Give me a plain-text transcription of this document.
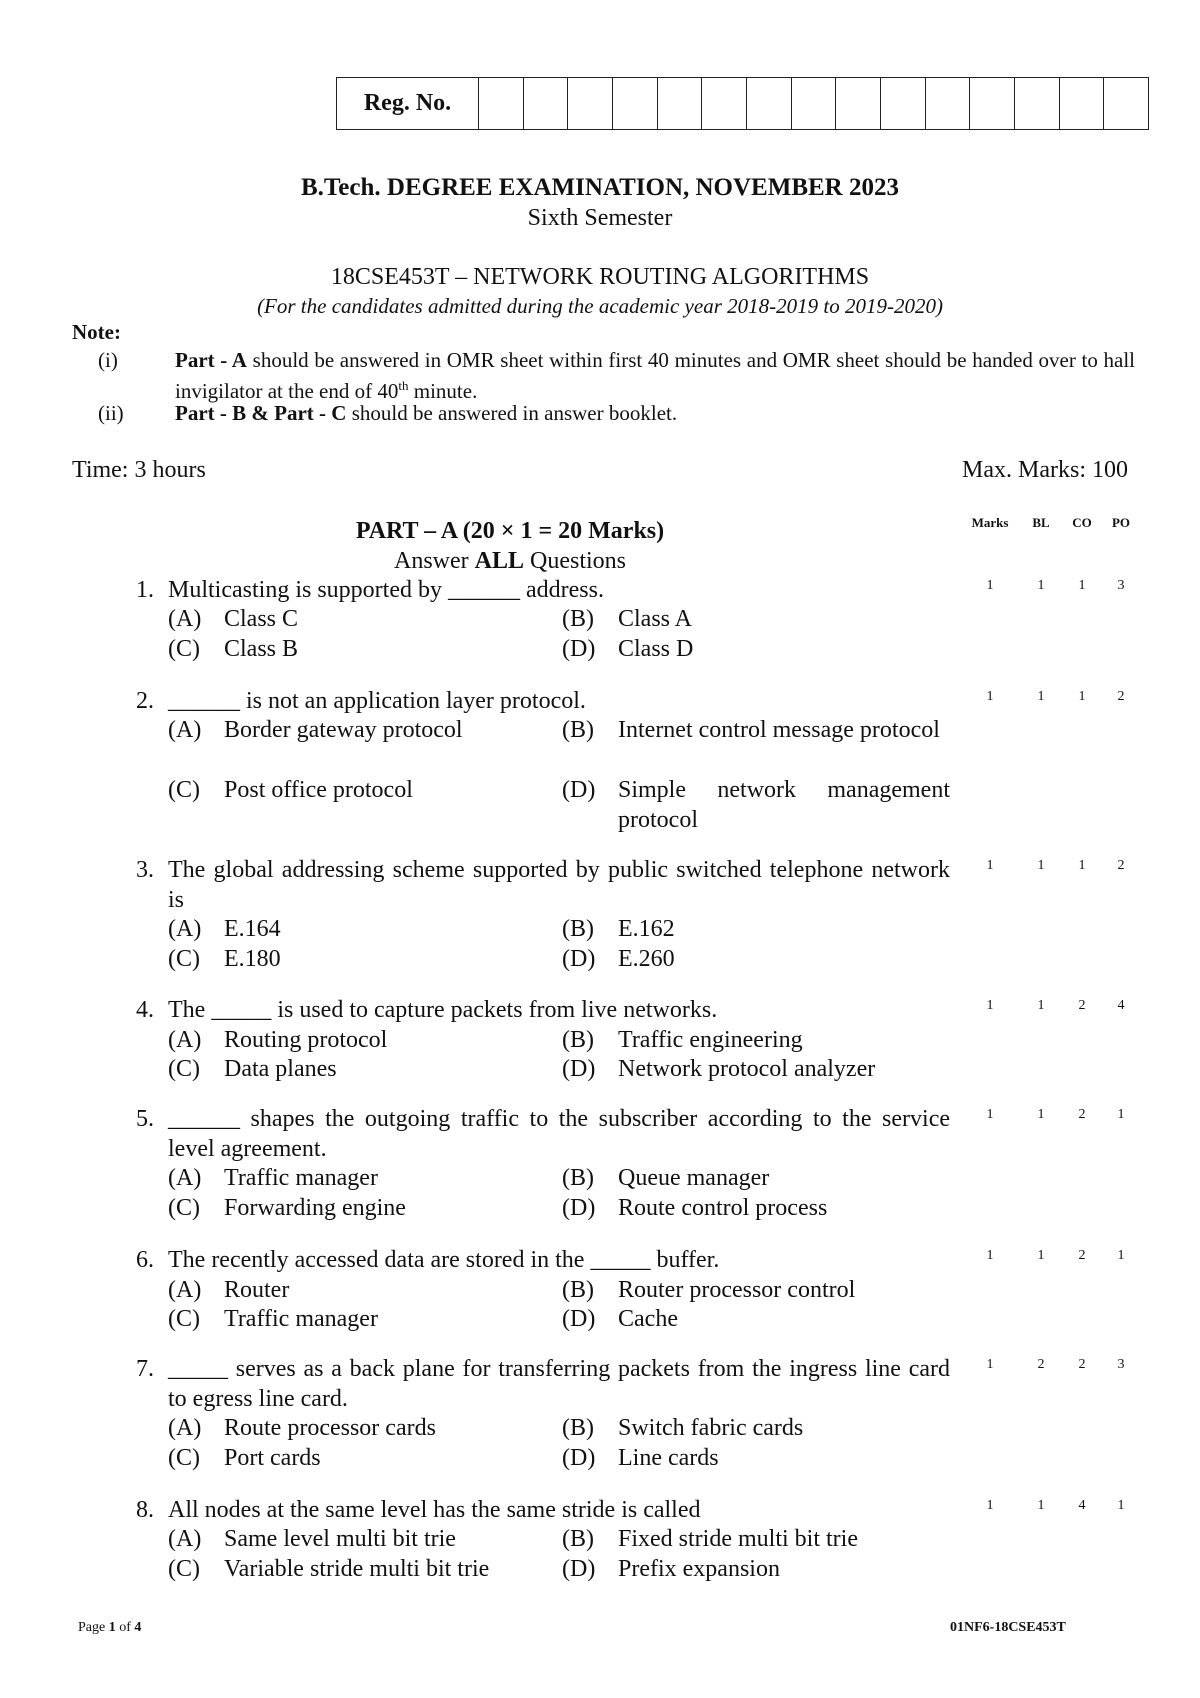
Reg. No.
B.Tech. DEGREE EXAMINATION, NOVEMBER 2023
Sixth Semester
18CSE453T – NETWORK ROUTING ALGORITHMS
(For the candidates admitted during the academic year 2018-2019 to 2019-2020)
Note:
(i)	Part - A should be answered in OMR sheet within first 40 minutes and OMR sheet should be handed over to hall invigilator at the end of 40th minute.
(ii) Part - B & Part - C should be answered in answer booklet.
Time: 3 hours	Max. Marks: 100
Marks	BL	CO	PO
PART – A (20 × 1 = 20 Marks)
Answer ALL Questions
1. Multicasting is supported by ______ address.
(A) Class C	(B)	Class A
(C)	Class B	(D) Class D
1	1	1	3
2. ______ is not an application layer protocol.
(A) Border gateway protocol	(B)	Internet control message protocol
(C)	Post office protocol	(D) Simple network management protocol
1	1	1	2
3. The global addressing scheme supported by public switched telephone network is
(A) E.164	(B)	E.162
(C)	E.180	(D) E.260
1	1	1	2
4. The _____ is used to capture packets from live networks.
(A) Routing protocol	(B)	Traffic engineering
(C)	Data planes	(D) Network protocol analyzer
1	1	2	4
5. ______ shapes the outgoing traffic to the subscriber according to the service level agreement.
(A) Traffic manager	(B)	Queue manager
(C)	Forwarding engine	(D) Route control process
1	1	2	1
6. The recently accessed data are stored in the _____ buffer.
(A) Router	(B)	Router processor control
(C)	Traffic manager	(D) Cache
1	1	2	1
7. _____ serves as a back plane for transferring packets from the ingress line card to egress line card.
(A) Route processor cards	(B)	Switch fabric cards
(C)	Port cards	(D) Line cards
1	2	2	3
8. All nodes at the same level has the same stride is called
(A) Same level multi bit trie	(B)	Fixed stride multi bit trie
(C)	Variable stride multi bit trie	(D) Prefix expansion
1	1	4	1
Page 1 of 4	01NF6-18CSE453T
